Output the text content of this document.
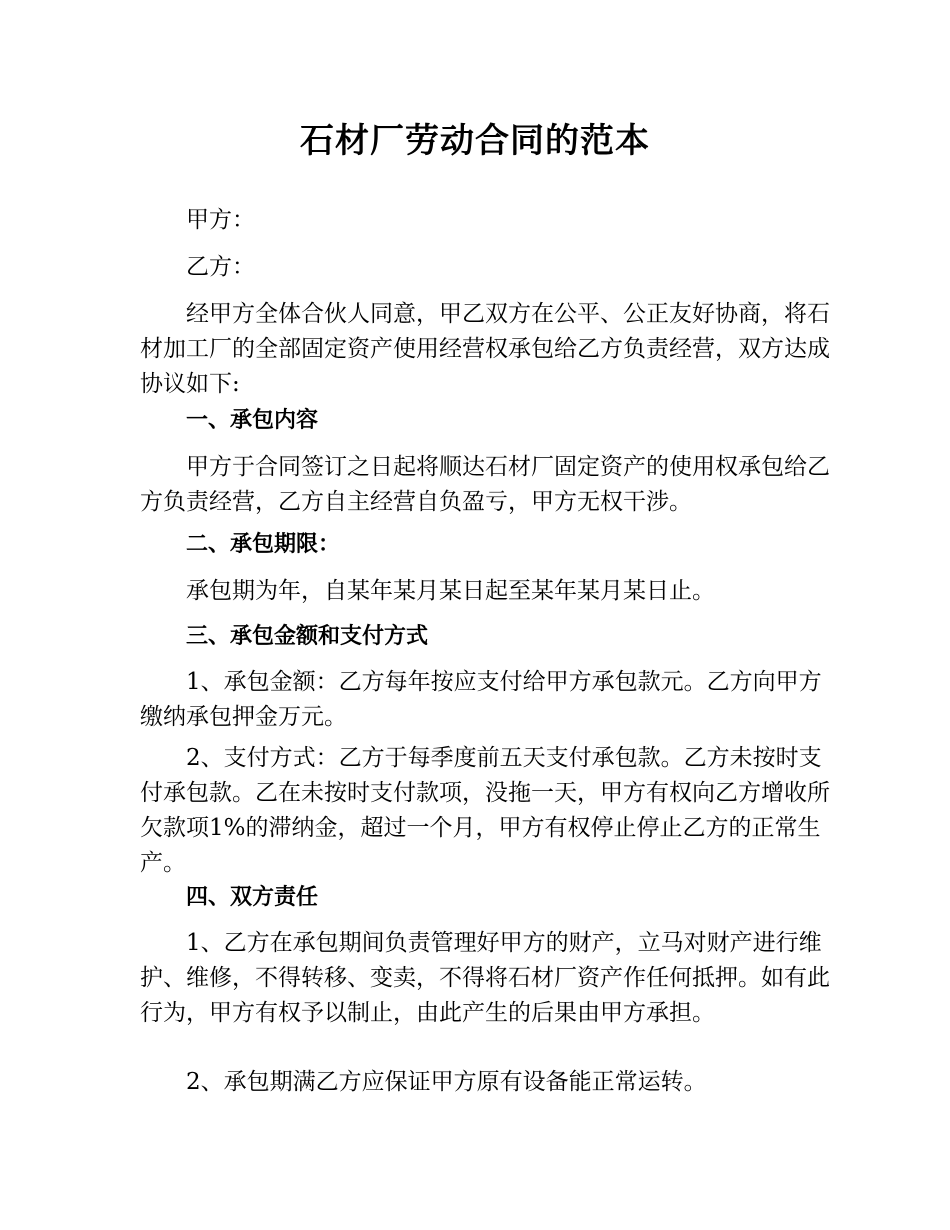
石材厂劳动合同的范本

甲方：

乙方：

经甲方全体合伙人同意，甲乙双方在公平、公正友好协商，将石材加工厂的全部固定资产使用经营权承包给乙方负责经营，双方达成协议如下:

一、承包内容

甲方于合同签订之日起将顺达石材厂固定资产的使用权承包给乙方负责经营，乙方自主经营自负盈亏，甲方无权干涉。

二、承包期限：

承包期为年，自某年某月某日起至某年某月某日止。

三、承包金额和支付方式

1、承包金额：乙方每年按应支付给甲方承包款元。乙方向甲方缴纳承包押金万元。

2、支付方式：乙方于每季度前五天支付承包款。乙方未按时支付承包款。乙在未按时支付款项，没拖一天，甲方有权向乙方增收所欠款项1%的滞纳金，超过一个月，甲方有权停止停止乙方的正常生产。

四、双方责任

1、乙方在承包期间负责管理好甲方的财产，立马对财产进行维护、维修，不得转移、变卖，不得将石材厂资产作任何抵押。如有此行为，甲方有权予以制止，由此产生的后果由甲方承担。

2、承包期满乙方应保证甲方原有设备能正常运转。
